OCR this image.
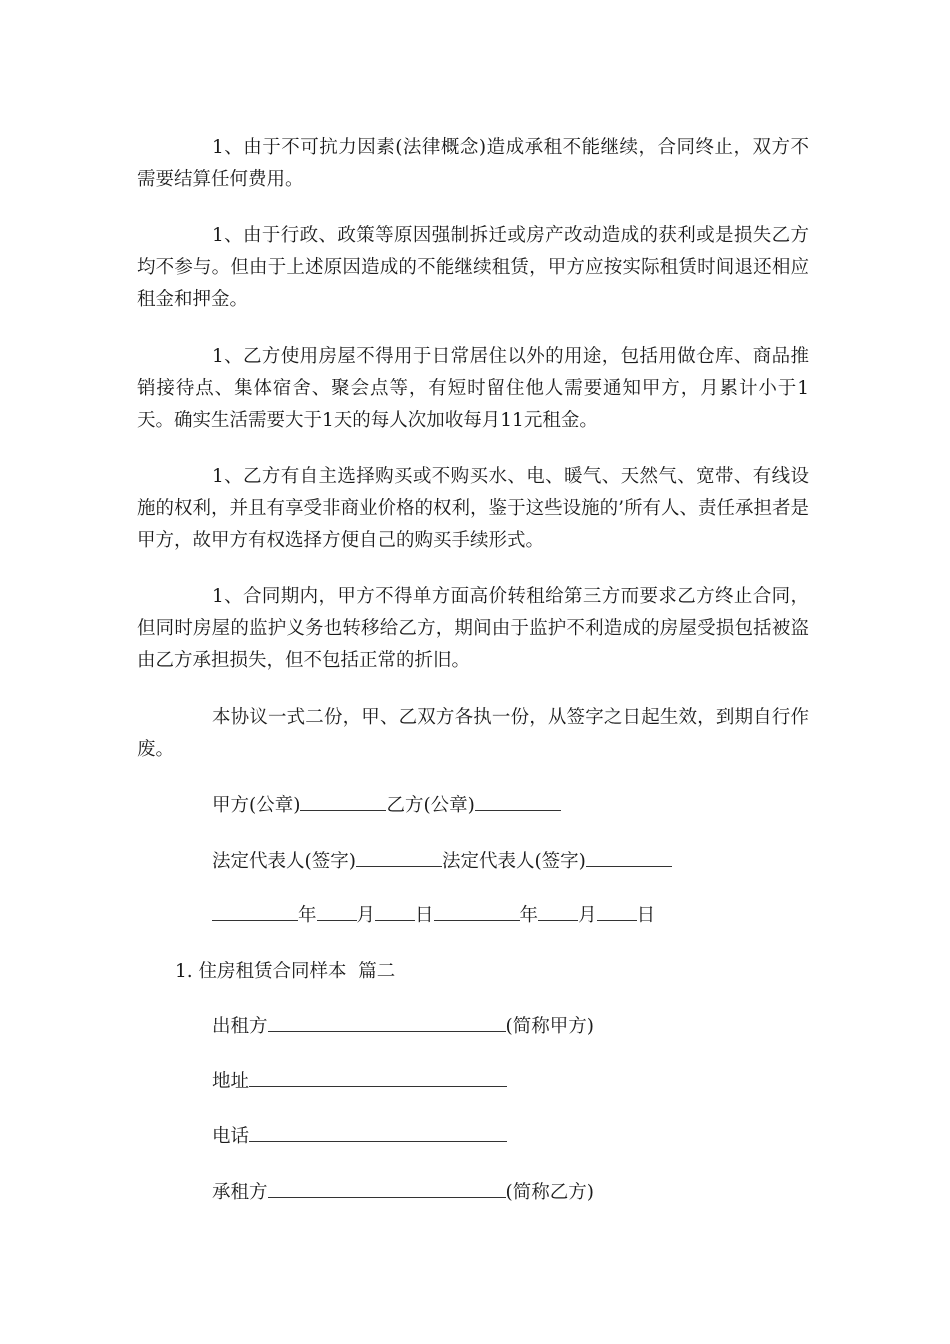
1、由于不可抗力因素(法律概念)造成承租不能继续，合同终止，双方不需要结算任何费用。

1、由于行政、政策等原因强制拆迁或房产改动造成的获利或是损失乙方均不参与。但由于上述原因造成的不能继续租赁，甲方应按实际租赁时间退还相应租金和押金。

1、乙方使用房屋不得用于日常居住以外的用途，包括用做仓库、商品推销接待点、集体宿舍、聚会点等，有短时留住他人需要通知甲方，月累计小于1天。确实生活需要大于1天的每人次加收每月11元租金。

1、乙方有自主选择购买或不购买水、电、暖气、天然气、宽带、有线设施的权利，并且有享受非商业价格的权利，鉴于这些设施的’所有人、责任承担者是甲方，故甲方有权选择方便自己的购买手续形式。

1、合同期内，甲方不得单方面高价转租给第三方而要求乙方终止合同，但同时房屋的监护义务也转移给乙方，期间由于监护不利造成的房屋受损包括被盗由乙方承担损失，但不包括正常的折旧。

本协议一式二份，甲、乙双方各执一份，从签字之日起生效，到期自行作废。

甲方(公章)	乙方(公章)

法定代表人(签字)	法定代表人(签字)

年 月 日	年 月 日

1. 住房租赁合同样本  篇二

出租方	(简称甲方)

地址

电话

承租方	(简称乙方)
